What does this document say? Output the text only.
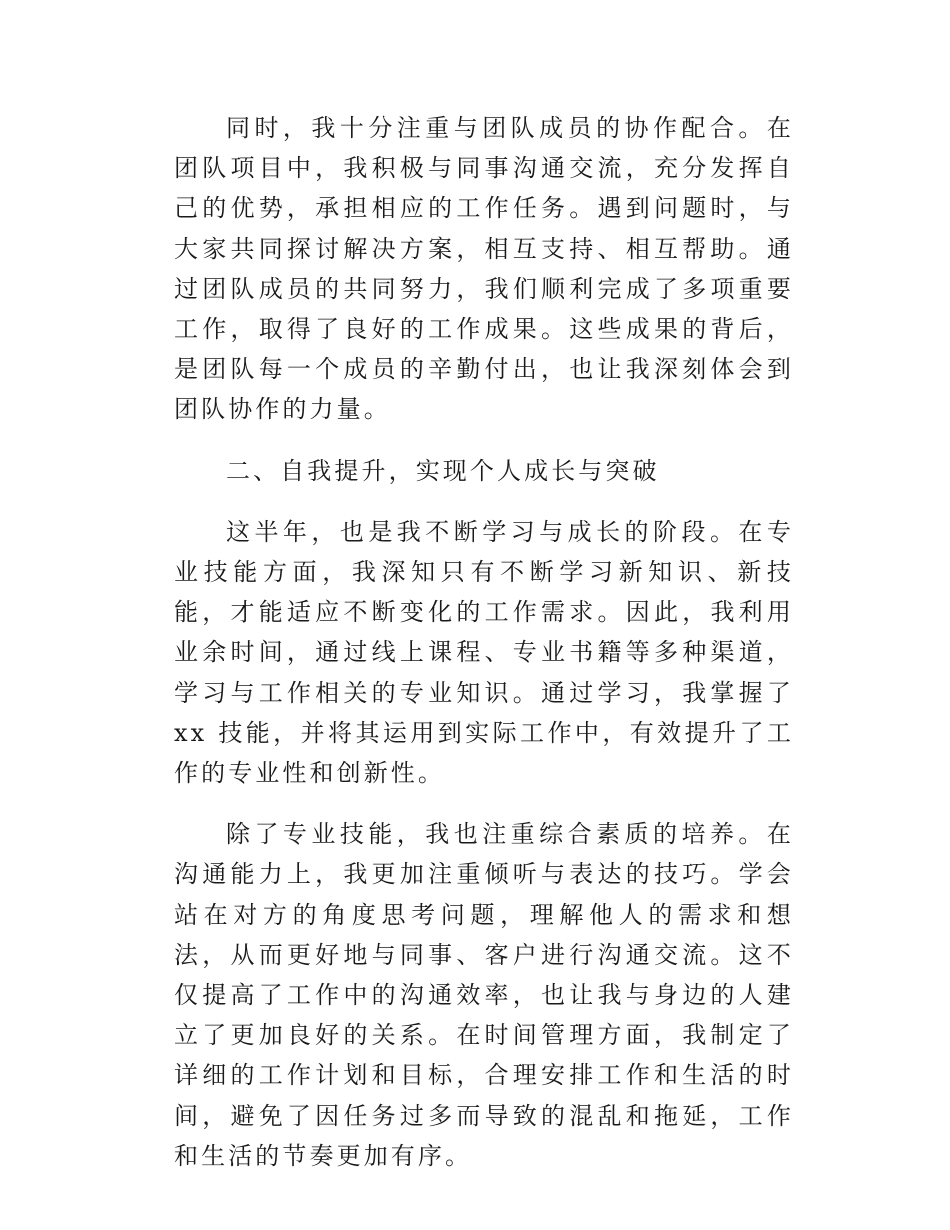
同时，我十分注重与团队成员的协作配合。在团队项目中，我积极与同事沟通交流，充分发挥自己的优势，承担相应的工作任务。遇到问题时，与大家共同探讨解决方案，相互支持、相互帮助。通过团队成员的共同努力，我们顺利完成了多项重要工作，取得了良好的工作成果。这些成果的背后，是团队每一个成员的辛勤付出，也让我深刻体会到团队协作的力量。

二、自我提升，实现个人成长与突破

这半年，也是我不断学习与成长的阶段。在专业技能方面，我深知只有不断学习新知识、新技能，才能适应不断变化的工作需求。因此，我利用业余时间，通过线上课程、专业书籍等多种渠道，学习与工作相关的专业知识。通过学习，我掌握了 xx 技能，并将其运用到实际工作中，有效提升了工作的专业性和创新性。

除了专业技能，我也注重综合素质的培养。在沟通能力上，我更加注重倾听与表达的技巧。学会站在对方的角度思考问题，理解他人的需求和想法，从而更好地与同事、客户进行沟通交流。这不仅提高了工作中的沟通效率，也让我与身边的人建立了更加良好的关系。在时间管理方面，我制定了详细的工作计划和目标，合理安排工作和生活的时间，避免了因任务过多而导致的混乱和拖延，工作和生活的节奏更加有序。
